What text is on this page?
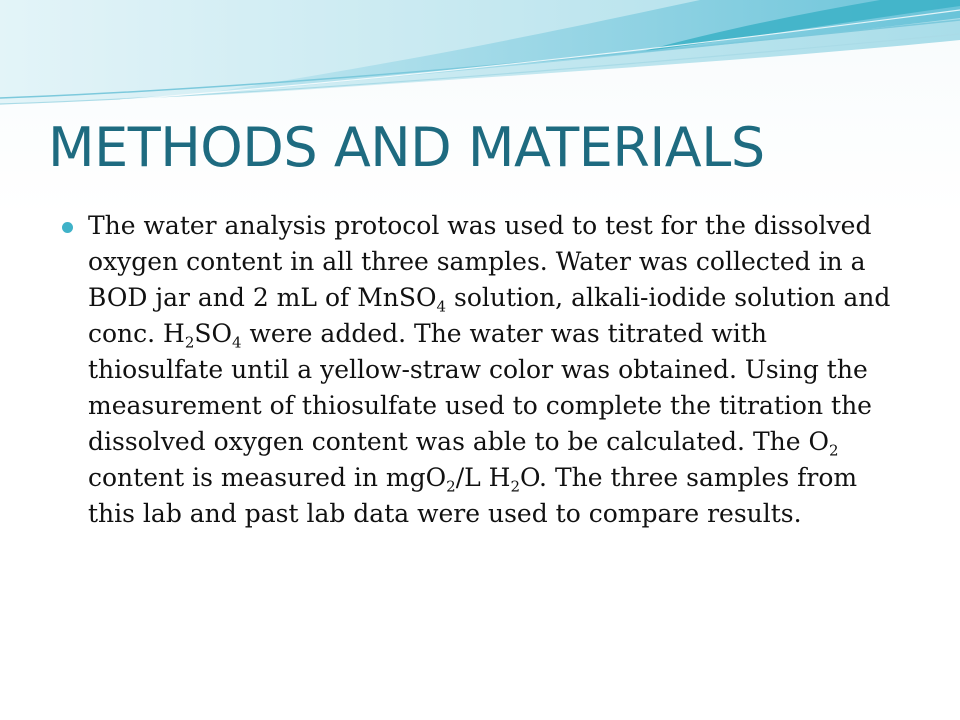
METHODS AND MATERIALS
The water analysis protocol was used to test for the dissolved oxygen content in all three samples. Water was collected in a BOD jar and 2 mL of MnSO$_4$ solution, alkali-iodide solution and conc. $H_2SO_4$ were added. The water was titrated with thiosulfate until a yellow-straw color was obtained. Using the measurement of thiosulfate used to complete the titration the dissolved oxygen content was able to be calculated. The $O_2$ content is measured in mgO$_2$/L $H_2O$. The three samples from this lab and past lab data were used to compare results.
